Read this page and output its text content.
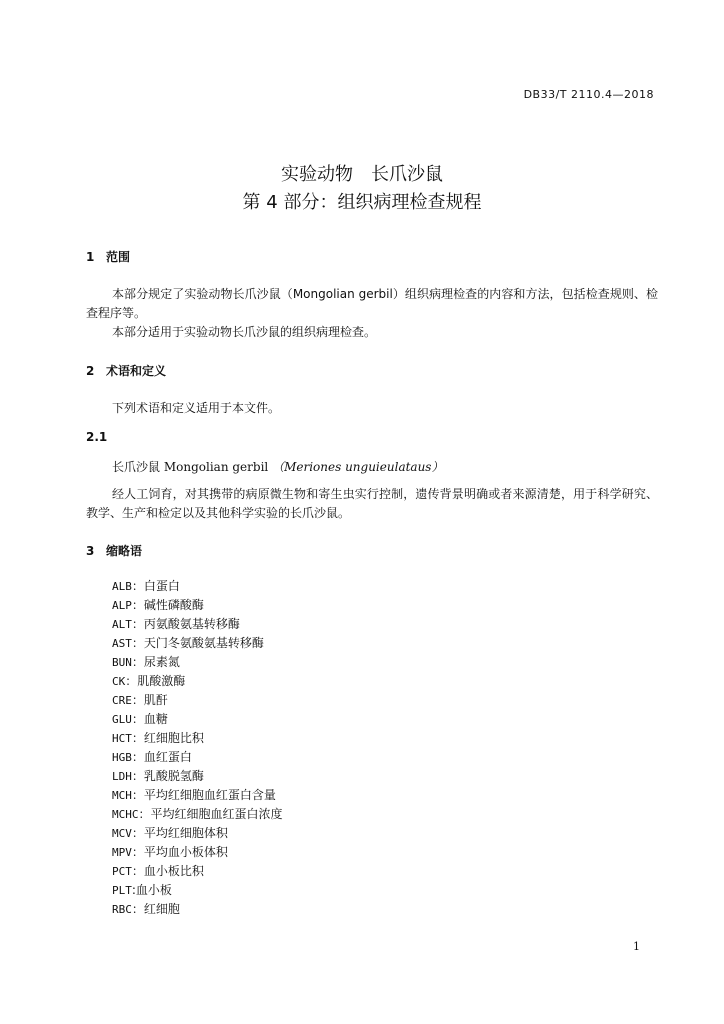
DB33/T 2110.4—2018
实验动物　长爪沙鼠
第 4 部分：组织病理检查规程
1 范围
本部分规定了实验动物长爪沙鼠（Mongolian gerbil）组织病理检查的内容和方法，包括检查规则、检查程序等。
本部分适用于实验动物长爪沙鼠的组织病理检查。
2 术语和定义
下列术语和定义适用于本文件。
2.1
长爪沙鼠 Mongolian gerbil （Meriones unguieulataus）
经人工饲育，对其携带的病原微生物和寄生虫实行控制，遗传背景明确或者来源清楚，用于科学研究、教学、生产和检定以及其他科学实验的长爪沙鼠。
3 缩略语
ALB：白蛋白
ALP：碱性磷酸酶
ALT：丙氨酸氨基转移酶
AST：天门冬氨酸氨基转移酶
BUN：尿素氮
CK：肌酸激酶
CRE：肌酐
GLU：血糖
HCT：红细胞比积
HGB：血红蛋白
LDH：乳酸脱氢酶
MCH：平均红细胞血红蛋白含量
MCHC：平均红细胞血红蛋白浓度
MCV：平均红细胞体积
MPV：平均血小板体积
PCT：血小板比积
PLT:血小板
RBC：红细胞
1
